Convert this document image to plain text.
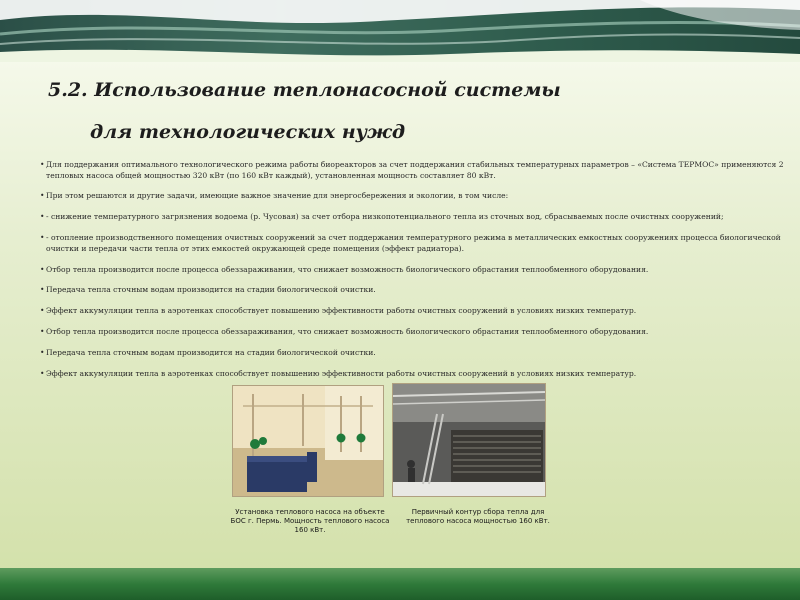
5.2. Использование теплонасосной системы
для технологических нужд

• Для поддержания оптимального технологического режима работы биореакторов за счет поддержания стабильных температурных параметров – «Система ТЕРМОС» применяются 2 тепловых насоса общей мощностью 320 кВт (по 160 кВт каждый), установленная мощность составляет 80 кВт.

• При этом решаются и другие задачи, имеющие важное значение для энергосбережения и экологии, в том числе:

• - снижение температурного загрязнения водоема (р. Чусовая) за счет отбора низкопотенциального тепла из сточных вод, сбрасываемых после очистных сооружений;

• - отопление производственного помещения очистных сооружений за счет поддержания температурного режима в металлических емкостных сооружениях процесса биологической очистки и передачи части тепла от этих емкостей окружающей среде помещения (эффект радиатора).

• Отбор тепла производится после процесса обеззараживания, что снижает возможность биологического обрастания теплообменного оборудования.

• Передача тепла сточным водам производится на стадии биологической очистки.

• Эффект аккумуляции тепла в аэротенках способствует повышению эффективности работы очистных сооружений в условиях низких температур.

• Отбор тепла производится после процесса обеззараживания, что снижает возможность биологического обрастания теплообменного оборудования.

• Передача тепла сточным водам производится на стадии биологической очистки.

• Эффект аккумуляции тепла в аэротенках способствует повышению эффективности работы очистных сооружений в условиях низких температур.

Установка теплового насоса на объекте БОС г. Пермь. Мощность теплового насоса 160 кВт.

Первичный контур сбора тепла для теплового насоса мощностью 160 кВт.
